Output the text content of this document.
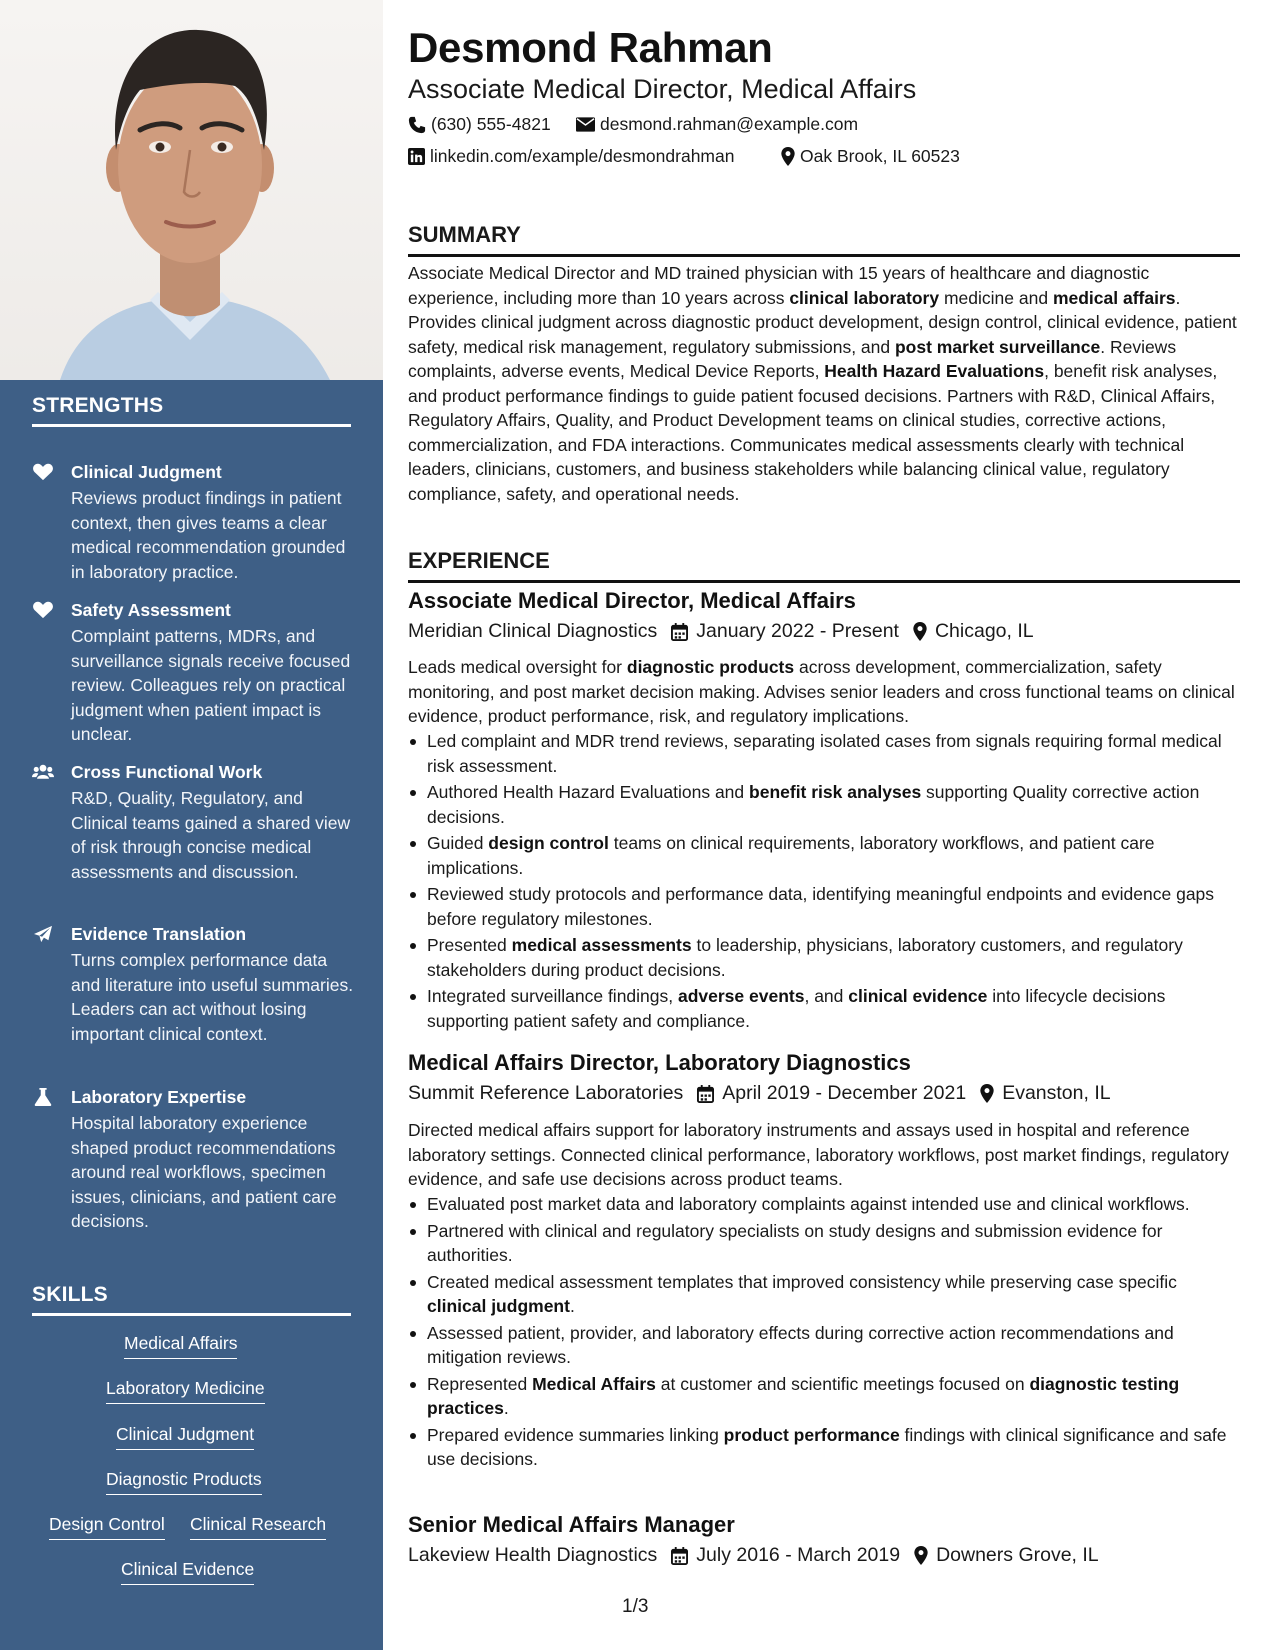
STRENGTHS
Clinical Judgment
Reviews product findings in patient context, then gives teams a clear medical recommendation grounded in laboratory practice.
Safety Assessment
Complaint patterns, MDRs, and surveillance signals receive focused review. Colleagues rely on practical judgment when patient impact is unclear.
Cross Functional Work
R&D, Quality, Regulatory, and Clinical teams gained a shared view of risk through concise medical assessments and discussion.
Evidence Translation
Turns complex performance data and literature into useful summaries. Leaders can act without losing important clinical context.
Laboratory Expertise
Hospital laboratory experience shaped product recommendations around real workflows, specimen issues, clinicians, and patient care decisions.
SKILLS
Medical Affairs
Laboratory Medicine
Clinical Judgment
Diagnostic Products
Design Control Clinical Research
Clinical Evidence
Desmond Rahman
Associate Medical Director, Medical Affairs
(630) 555-4821	desmond.rahman@example.com
linkedin.com/example/desmondrahman	Oak Brook, IL 60523
SUMMARY
Associate Medical Director and MD trained physician with 15 years of healthcare and diagnostic experience, including more than 10 years across clinical laboratory medicine and medical affairs. Provides clinical judgment across diagnostic product development, design control, clinical evidence, patient safety, medical risk management, regulatory submissions, and post market surveillance. Reviews complaints, adverse events, Medical Device Reports, Health Hazard Evaluations, benefit risk analyses, and product performance findings to guide patient focused decisions. Partners with R&D, Clinical Affairs, Regulatory Affairs, Quality, and Product Development teams on clinical studies, corrective actions, commercialization, and FDA interactions. Communicates medical assessments clearly with technical leaders, clinicians, customers, and business stakeholders while balancing clinical value, regulatory compliance, safety, and operational needs.
EXPERIENCE
Associate Medical Director, Medical Affairs
Meridian Clinical Diagnostics January 2022 - Present Chicago, IL
Leads medical oversight for diagnostic products across development, commercialization, safety monitoring, and post market decision making. Advises senior leaders and cross functional teams on clinical evidence, product performance, risk, and regulatory implications.
Led complaint and MDR trend reviews, separating isolated cases from signals requiring formal medical risk assessment.
Authored Health Hazard Evaluations and benefit risk analyses supporting Quality corrective action decisions.
Guided design control teams on clinical requirements, laboratory workflows, and patient care implications.
Reviewed study protocols and performance data, identifying meaningful endpoints and evidence gaps before regulatory milestones.
Presented medical assessments to leadership, physicians, laboratory customers, and regulatory stakeholders during product decisions.
Integrated surveillance findings, adverse events, and clinical evidence into lifecycle decisions supporting patient safety and compliance.
Medical Affairs Director, Laboratory Diagnostics
Summit Reference Laboratories April 2019 - December 2021 Evanston, IL
Directed medical affairs support for laboratory instruments and assays used in hospital and reference laboratory settings. Connected clinical performance, laboratory workflows, post market findings, regulatory evidence, and safe use decisions across product teams.
Evaluated post market data and laboratory complaints against intended use and clinical workflows.
Partnered with clinical and regulatory specialists on study designs and submission evidence for authorities.
Created medical assessment templates that improved consistency while preserving case specific clinical judgment.
Assessed patient, provider, and laboratory effects during corrective action recommendations and mitigation reviews.
Represented Medical Affairs at customer and scientific meetings focused on diagnostic testing practices.
Prepared evidence summaries linking product performance findings with clinical significance and safe use decisions.
Senior Medical Affairs Manager
Lakeview Health Diagnostics July 2016 - March 2019 Downers Grove, IL
1/3
